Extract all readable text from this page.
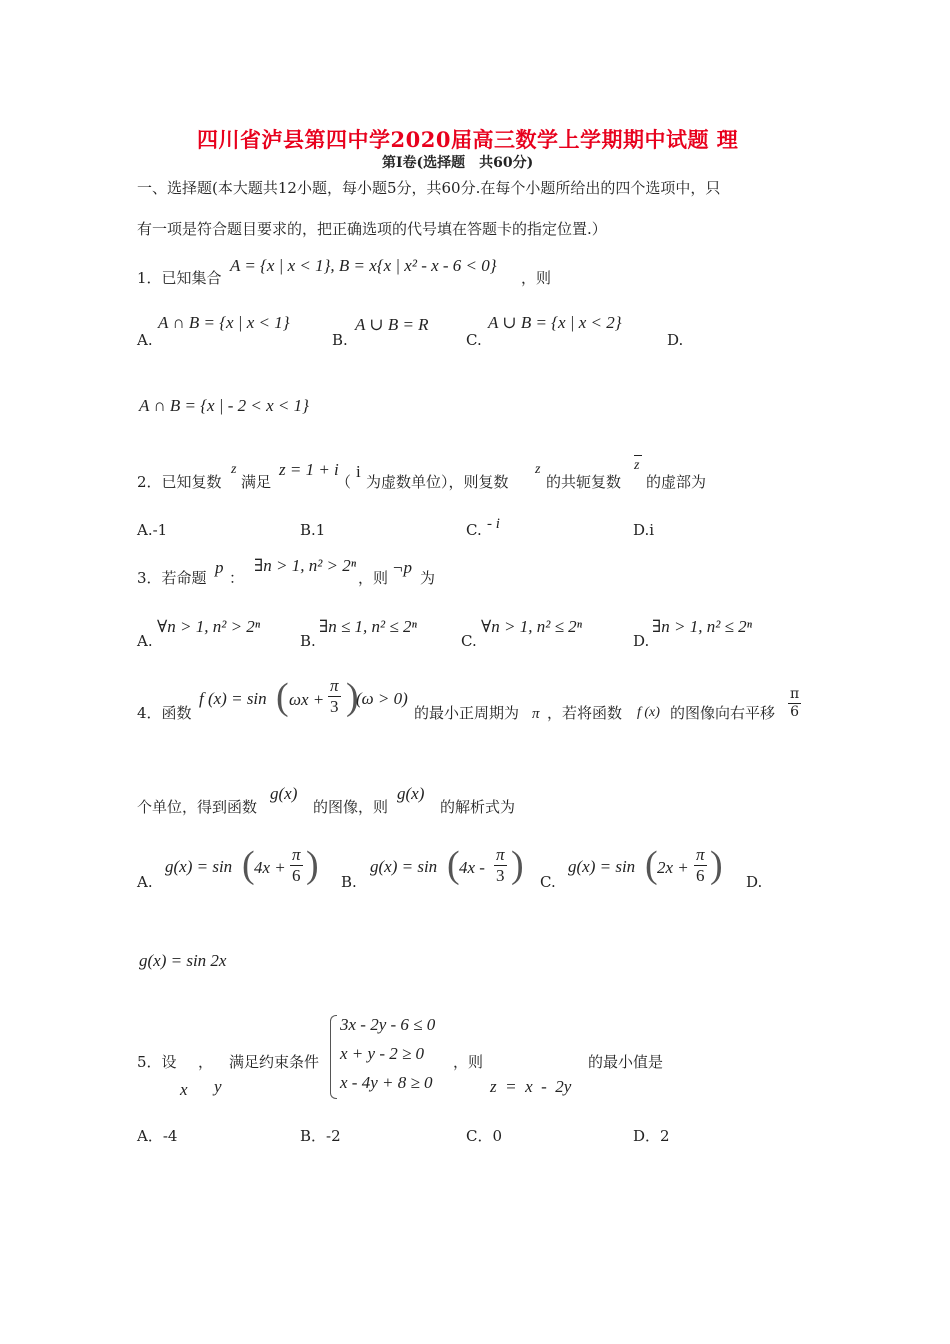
四川省泸县第四中学2020届高三数学上学期期中试题 理
第Ⅰ卷(选择题　共60分)
一、选择题(本大题共12小题，每小题5分，共60分.在每个小题所给出的四个选项中，只
有一项是符合题目要求的，把正确选项的代号填在答题卡的指定位置.）
1．已知集合
A = {x | x < 1}, B = x{x | x² - x - 6 < 0}
，则
A.
A ∩ B = {x | x < 1}
B.
A ∪ B = R
C.
A ∪ B = {x | x < 2}
D.
A ∩ B = {x | - 2 < x < 1}
2．已知复数
z
满足
z = 1 + i
（
i
为虚数单位），则复数
z
的共轭复数
z
的虚部为
A.-1	B.1	C. - i	D.i
3．若命题
p
：
∃n > 1, n² > 2ⁿ
，则
¬p
为
A.
∀n > 1, n² > 2ⁿ
B.
∃n ≤ 1, n² ≤ 2ⁿ
C.
∀n > 1, n² ≤ 2ⁿ
D.
∃n > 1, n² ≤ 2ⁿ
4．函数
f (x) = sin ( $\omega x + \frac{\pi}{3}$ )
(ω > 0)
的最小正周期为 π ，若将函数 f (x) 的图像向右平移 $\frac{\pi}{6}$
个单位，得到函数
g(x)
的图像，则
g(x)
的解析式为
A.
g(x) = sin ( $4x + \frac{\pi}{6}$ ) B.
g(x) = sin ( $4x - \frac{\pi}{3}$ ) C.
g(x) = sin ( $2x + \frac{\pi}{6}$ ) D.
g(x) = sin 2x
5．设 ， 满足约束条件
x y
3x - 2y - 6 ≤ 0
x + y - 2 ≥ 0
x - 4y + 8 ≥ 0
，则	的最小值是
z  =  x  -  2y
A．-4	B．-2	C．0	D．2
